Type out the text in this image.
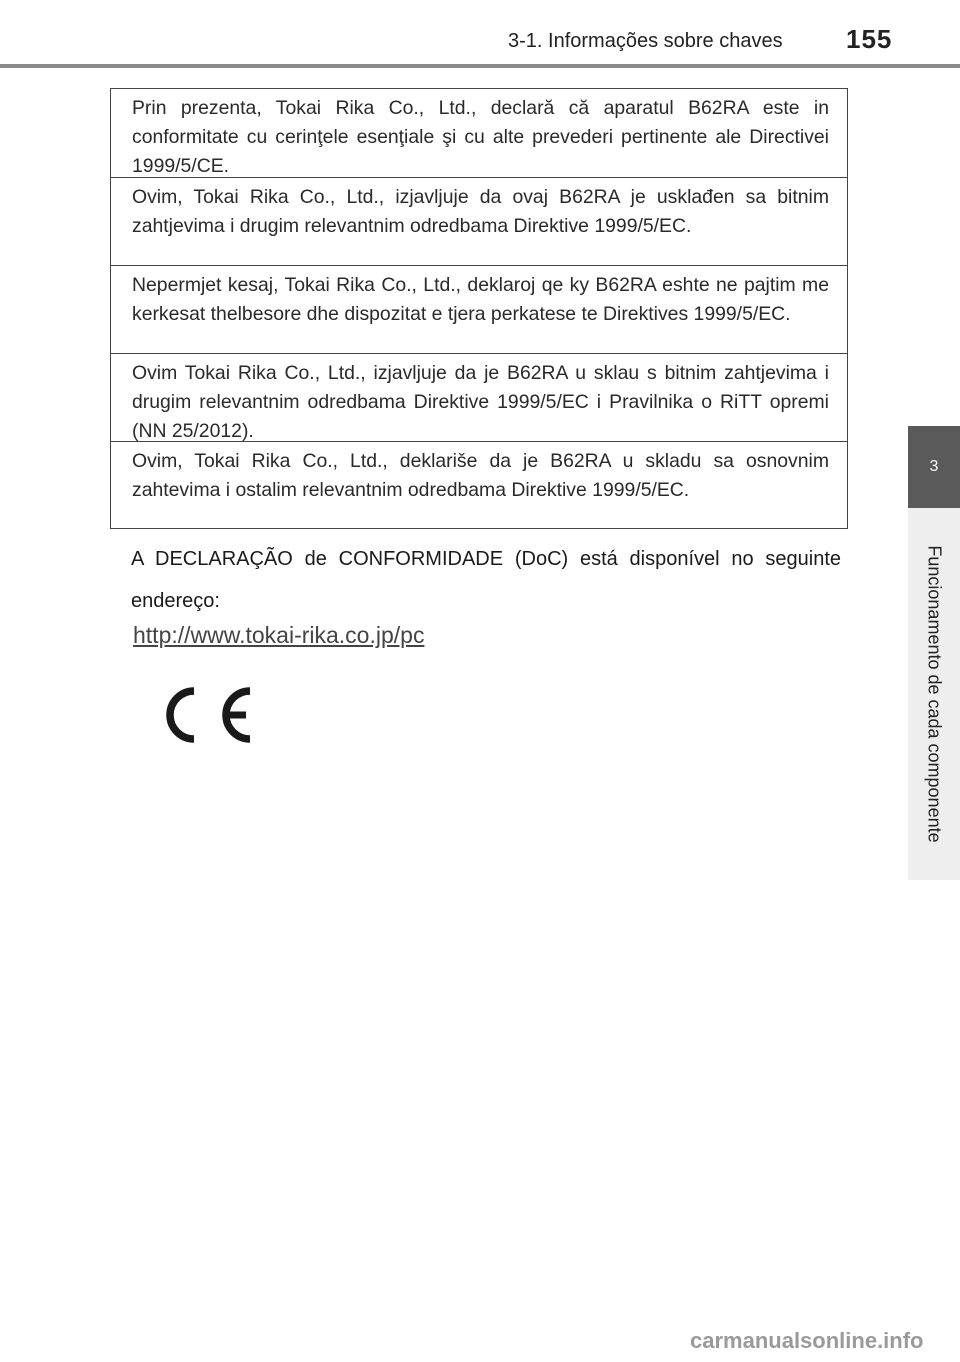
3-1. Informações sobre chaves 155
3
Funcionamento de cada componente
Prin prezenta, Tokai Rika Co., Ltd., declară că aparatul B62RA este in conformitate cu cerinţele esenţiale şi cu alte prevederi pertinente ale Directivei 1999/5/CE.
Ovim, Tokai Rika Co., Ltd., izjavljuje da ovaj B62RA je usklađen sa bitnim zahtjevima i drugim relevantnim odredbama Direktive 1999/5/EC.
Nepermjet kesaj, Tokai Rika Co., Ltd., deklaroj qe ky B62RA eshte ne pajtim me kerkesat thelbesore dhe dispozitat e tjera perkatese te Direktives 1999/5/EC.
Ovim Tokai Rika Co., Ltd., izjavljuje da je B62RA u sklau s bitnim zahtjevima i drugim relevantnim odredbama Direktive 1999/5/EC i Pravilnika o RiTT opremi (NN 25/2012).
Ovim, Tokai Rika Co., Ltd., deklariše da je B62RA u skladu sa osnovnim zahtevima i ostalim relevantnim odredbama Direktive 1999/5/EC.
A DECLARAÇÃO de CONFORMIDADE (DoC) está disponível no seguinte endereço:
http://www.tokai-rika.co.jp/pc
carmanualsonline.info
